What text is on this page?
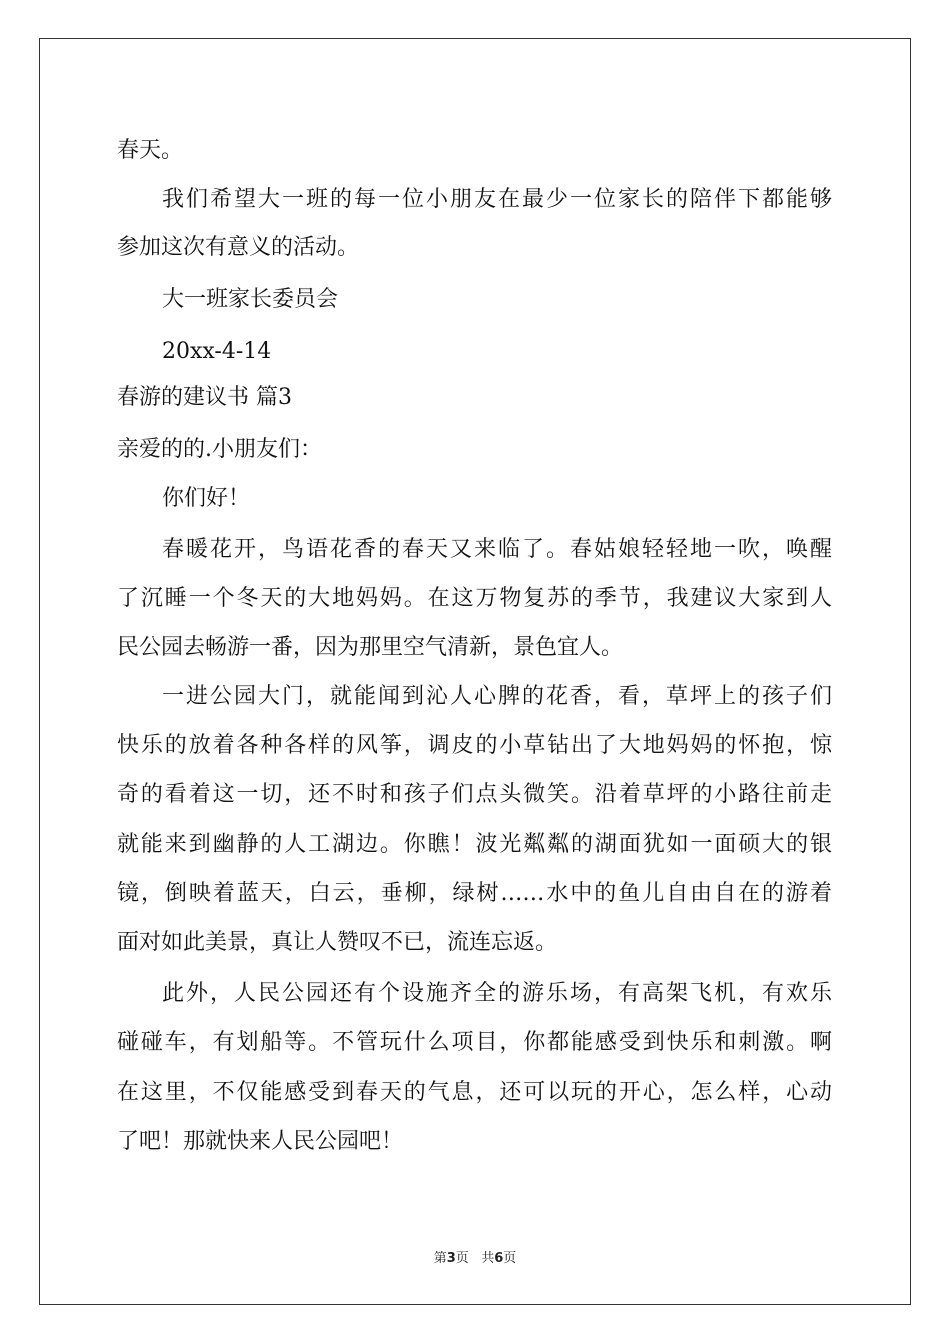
春天。
我们希望大一班的每一位小朋友在最少一位家长的陪伴下都能够
参加这次有意义的活动。
大一班家长委员会
20xx-4-14
春游的建议书 篇3
亲爱的的.小朋友们：
你们好！
春暖花开，鸟语花香的春天又来临了。春姑娘轻轻地一吹，唤醒
了沉睡一个冬天的大地妈妈。在这万物复苏的季节，我建议大家到人
民公园去畅游一番，因为那里空气清新，景色宜人。
一进公园大门，就能闻到沁人心脾的花香，看，草坪上的孩子们
快乐的放着各种各样的风筝，调皮的小草钻出了大地妈妈的怀抱，惊
奇的看着这一切，还不时和孩子们点头微笑。沿着草坪的小路往前走
就能来到幽静的人工湖边。你瞧！波光粼粼的湖面犹如一面硕大的银
镜，倒映着蓝天，白云，垂柳，绿树……水中的鱼儿自由自在的游着
面对如此美景，真让人赞叹不已，流连忘返。
此外，人民公园还有个设施齐全的游乐场，有高架飞机，有欢乐
碰碰车，有划船等。不管玩什么项目，你都能感受到快乐和刺激。啊
在这里，不仅能感受到春天的气息，还可以玩的开心，怎么样，心动
了吧！那就快来人民公园吧！
第3页   共6页
